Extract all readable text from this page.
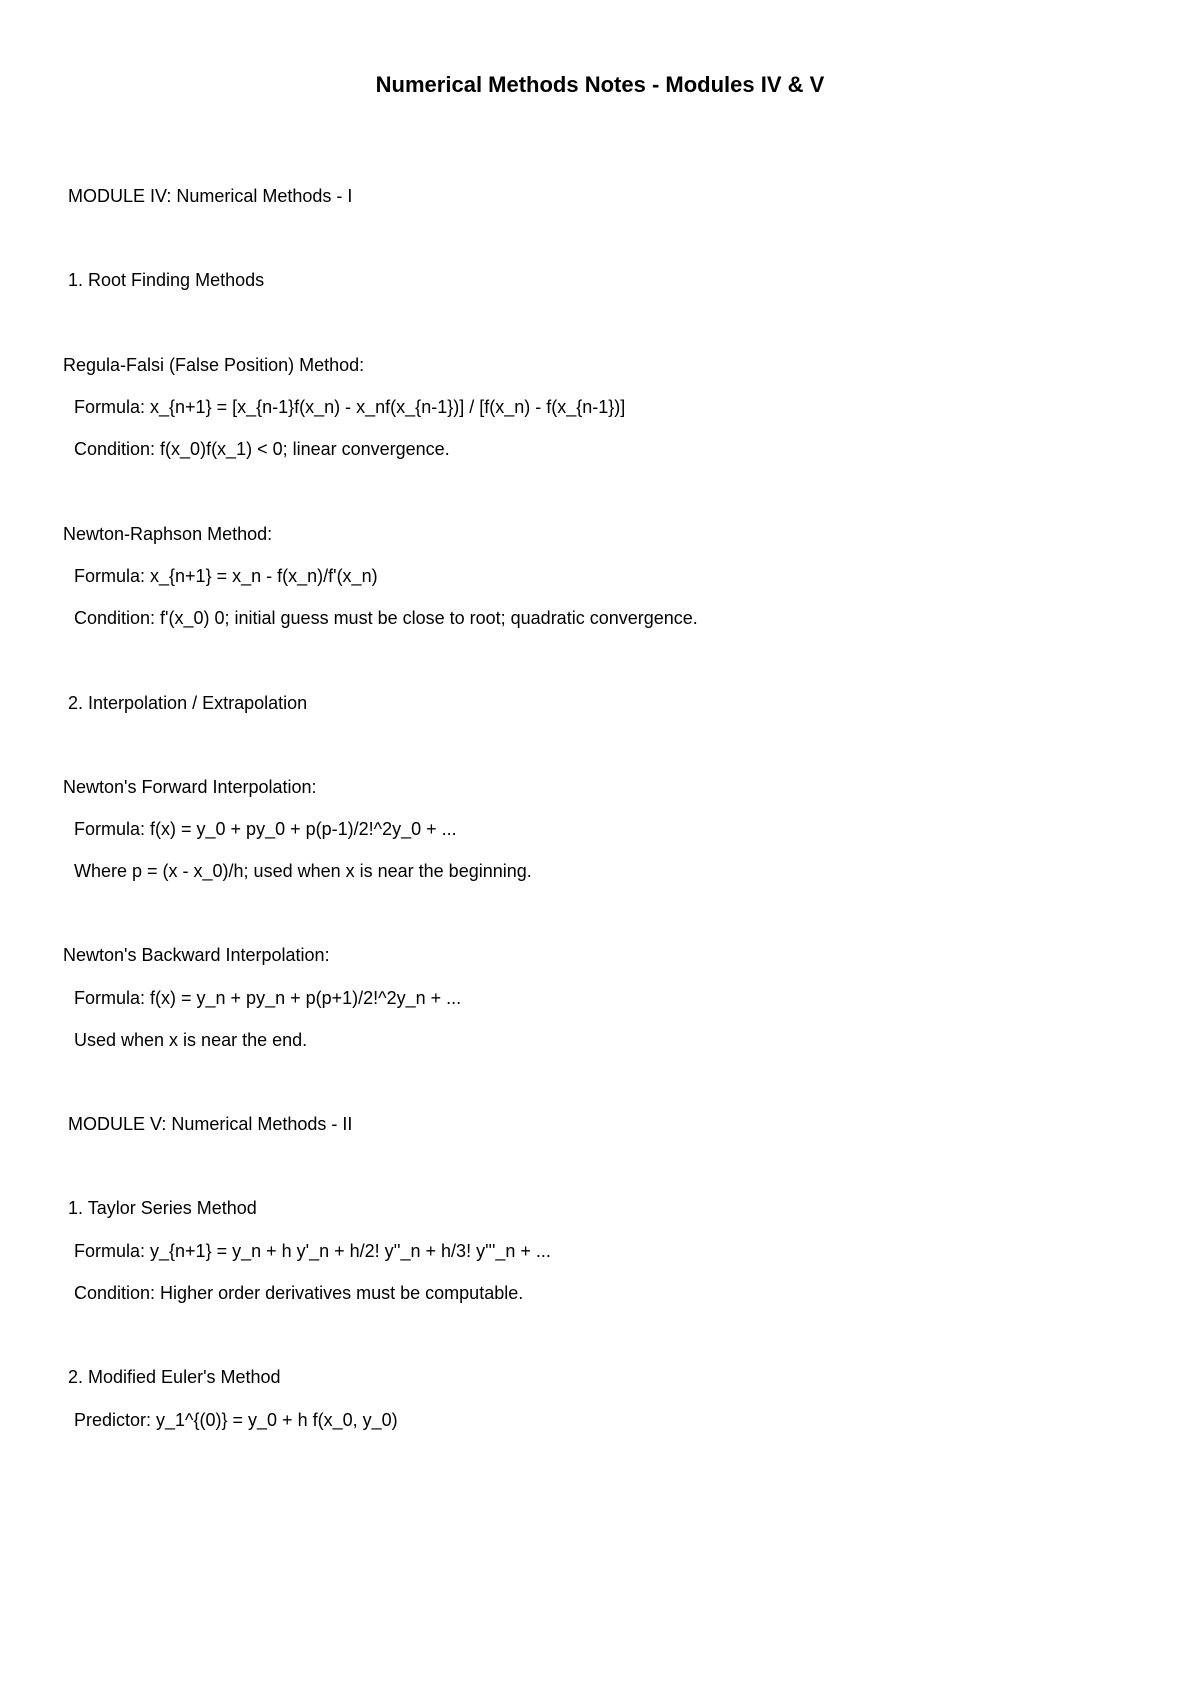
Numerical Methods Notes - Modules IV & V
MODULE IV: Numerical Methods - I
1. Root Finding Methods
Regula-Falsi (False Position) Method:
Formula: x_{n+1} = [x_{n-1}f(x_n) - x_nf(x_{n-1})] / [f(x_n) - f(x_{n-1})]
Condition: f(x_0)f(x_1) < 0; linear convergence.
Newton-Raphson Method:
Formula: x_{n+1} = x_n - f(x_n)/f'(x_n)
Condition: f'(x_0) 0; initial guess must be close to root; quadratic convergence.
2. Interpolation / Extrapolation
Newton's Forward Interpolation:
Formula: f(x) = y_0 + py_0 + p(p-1)/2!^2y_0 + ...
Where p = (x - x_0)/h; used when x is near the beginning.
Newton's Backward Interpolation:
Formula: f(x) = y_n + py_n + p(p+1)/2!^2y_n + ...
Used when x is near the end.
MODULE V: Numerical Methods - II
1. Taylor Series Method
Formula: y_{n+1} = y_n + h y'_n + h/2! y''_n + h/3! y'''_n + ...
Condition: Higher order derivatives must be computable.
2. Modified Euler's Method
Predictor: y_1^{(0)} = y_0 + h f(x_0, y_0)
